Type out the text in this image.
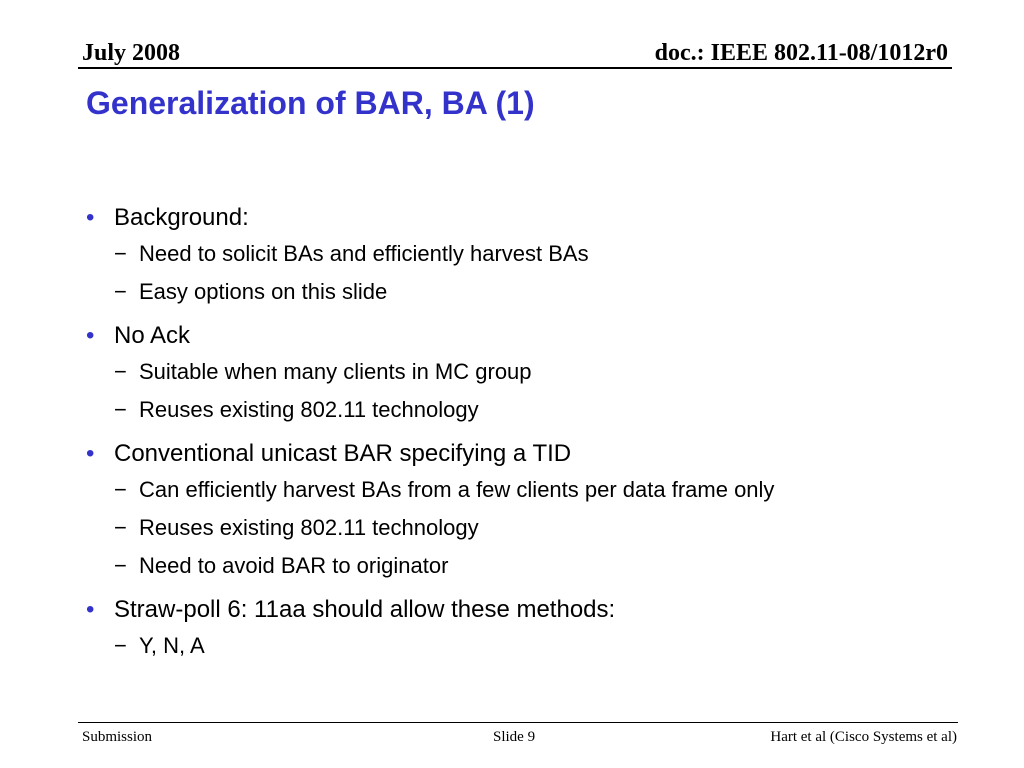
July 2008	doc.: IEEE 802.11-08/1012r0
Generalization of BAR, BA (1)
• Background:
− Need to solicit BAs and efficiently harvest BAs
− Easy options on this slide
• No Ack
− Suitable when many clients in MC group
− Reuses existing 802.11 technology
• Conventional unicast BAR specifying a TID
− Can efficiently harvest BAs from a few clients per data frame only
− Reuses existing 802.11 technology
− Need to avoid BAR to originator
• Straw-poll 6: 11aa should allow these methods:
− Y, N, A
Submission	Slide 9	Hart et al (Cisco Systems et al)
